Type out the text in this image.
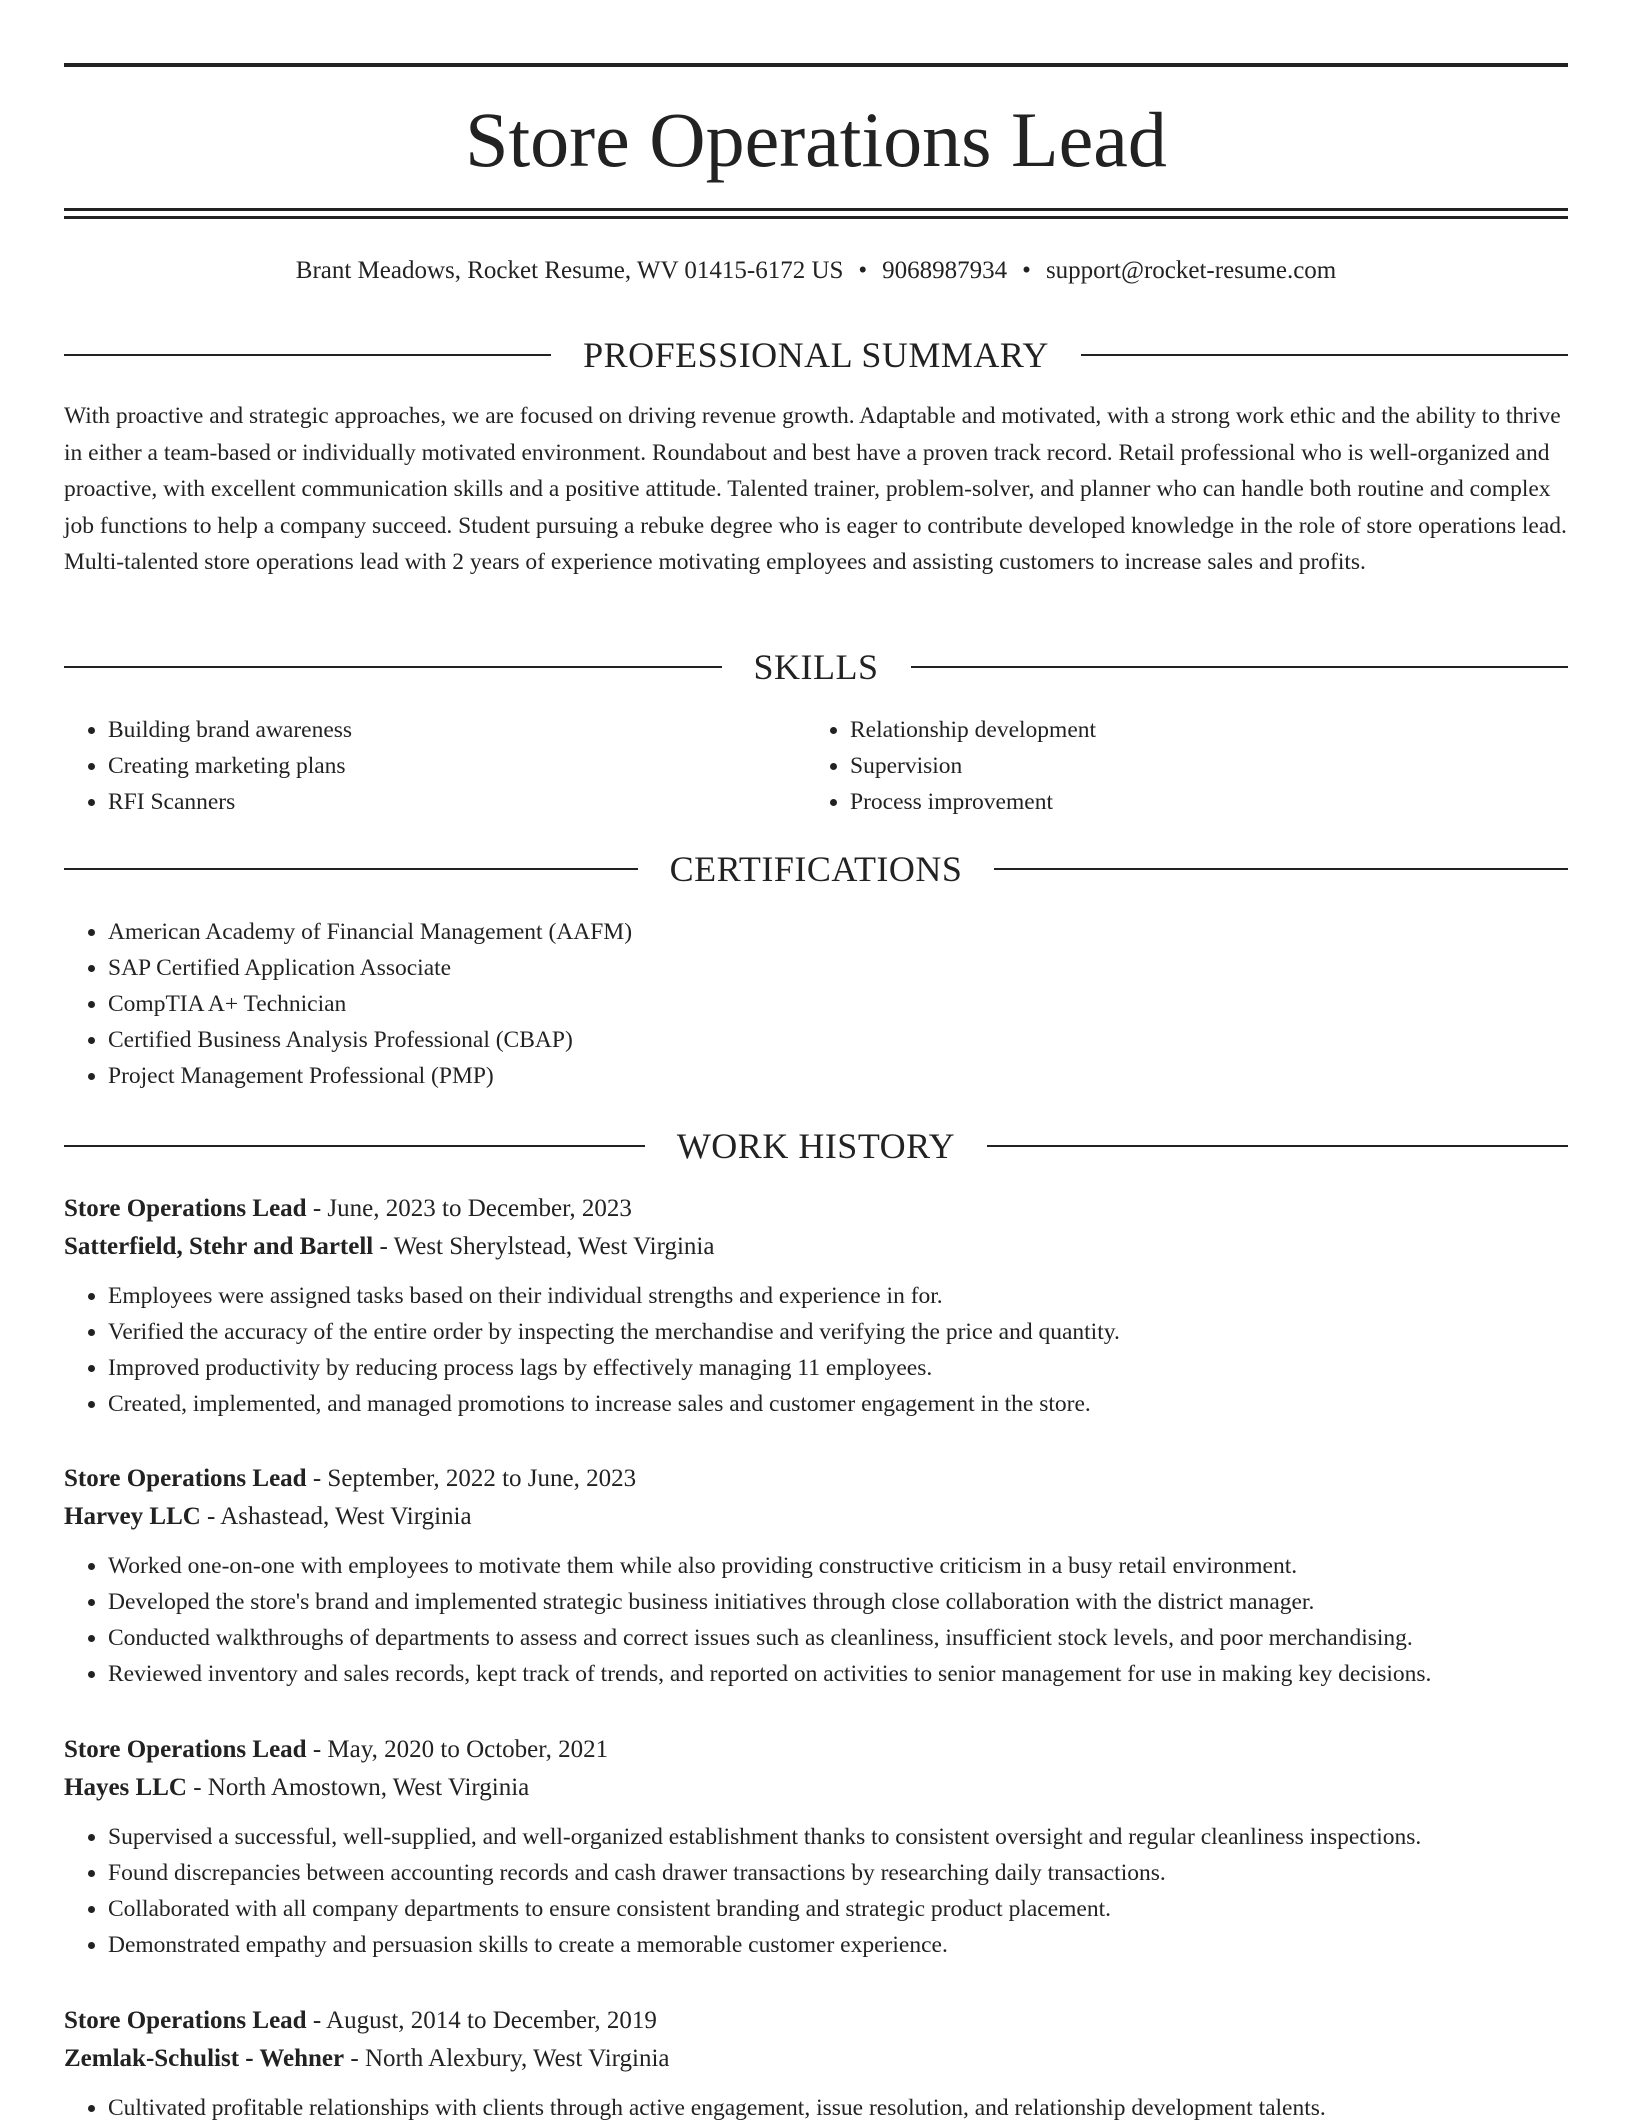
Store Operations Lead
Brant Meadows, Rocket Resume, WV 01415-6172 US • 9068987934 • support@rocket-resume.com
PROFESSIONAL SUMMARY
With proactive and strategic approaches, we are focused on driving revenue growth. Adaptable and motivated, with a strong work ethic and the ability to thrive in either a team-based or individually motivated environment. Roundabout and best have a proven track record. Retail professional who is well-organized and proactive, with excellent communication skills and a positive attitude. Talented trainer, problem-solver, and planner who can handle both routine and complex job functions to help a company succeed. Student pursuing a rebuke degree who is eager to contribute developed knowledge in the role of store operations lead. Multi-talented store operations lead with 2 years of experience motivating employees and assisting customers to increase sales and profits.
SKILLS
• Building brand awareness
• Creating marketing plans
• RFI Scanners
• Relationship development
• Supervision
• Process improvement
CERTIFICATIONS
• American Academy of Financial Management (AAFM)
• SAP Certified Application Associate
• CompTIA A+ Technician
• Certified Business Analysis Professional (CBAP)
• Project Management Professional (PMP)
WORK HISTORY
Store Operations Lead - June, 2023 to December, 2023
Satterfield, Stehr and Bartell - West Sherylstead, West Virginia
• Employees were assigned tasks based on their individual strengths and experience in for.
• Verified the accuracy of the entire order by inspecting the merchandise and verifying the price and quantity.
• Improved productivity by reducing process lags by effectively managing 11 employees.
• Created, implemented, and managed promotions to increase sales and customer engagement in the store.
Store Operations Lead - September, 2022 to June, 2023
Harvey LLC - Ashastead, West Virginia
• Worked one-on-one with employees to motivate them while also providing constructive criticism in a busy retail environment.
• Developed the store's brand and implemented strategic business initiatives through close collaboration with the district manager.
• Conducted walkthroughs of departments to assess and correct issues such as cleanliness, insufficient stock levels, and poor merchandising.
• Reviewed inventory and sales records, kept track of trends, and reported on activities to senior management for use in making key decisions.
Store Operations Lead - May, 2020 to October, 2021
Hayes LLC - North Amostown, West Virginia
• Supervised a successful, well-supplied, and well-organized establishment thanks to consistent oversight and regular cleanliness inspections.
• Found discrepancies between accounting records and cash drawer transactions by researching daily transactions.
• Collaborated with all company departments to ensure consistent branding and strategic product placement.
• Demonstrated empathy and persuasion skills to create a memorable customer experience.
Store Operations Lead - August, 2014 to December, 2019
Zemlak-Schulist - Wehner - North Alexbury, West Virginia
• Cultivated profitable relationships with clients through active engagement, issue resolution, and relationship development talents.
